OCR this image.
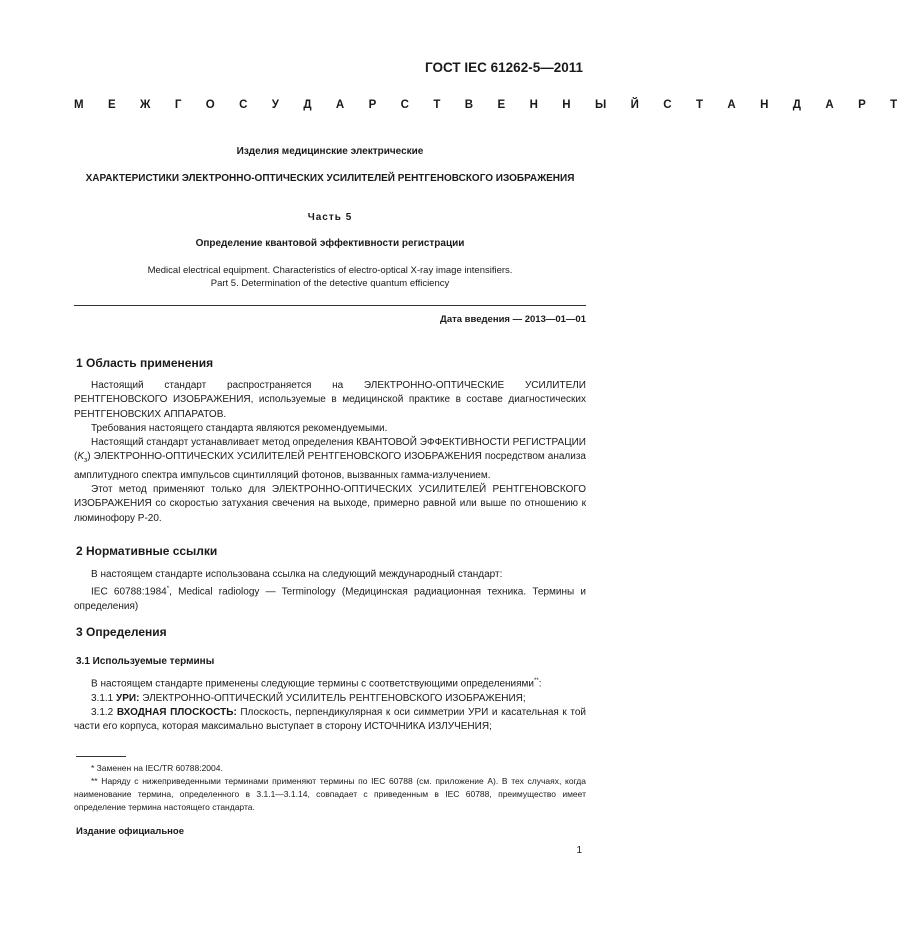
ГОСТ IEC 61262-5—2011
М Е Ж Г О С У Д А Р С Т В Е Н Н Ы Й С Т А Н Д А Р Т
Изделия медицинские электрические
ХАРАКТЕРИСТИКИ ЭЛЕКТРОННО-ОПТИЧЕСКИХ УСИЛИТЕЛЕЙ РЕНТГЕНОВСКОГО ИЗОБРАЖЕНИЯ
Часть 5
Определение квантовой эффективности регистрации
Medical electrical equipment. Characteristics of electro-optical X-ray image intensifiers.
Part 5. Determination of the detective quantum efficiency
Дата введения — 2013—01—01
1 Область применения

Настоящий стандарт распространяется на ЭЛЕКТРОННО-ОПТИЧЕСКИЕ УСИЛИТЕЛИ РЕНТГЕНОВСКОГО ИЗОБРАЖЕНИЯ, используемые в медицинской практике в составе диагностических РЕНТГЕНОВСКИХ АППАРАТОВ.

Требования настоящего стандарта являются рекомендуемыми.

Настоящий стандарт устанавливает метод определения КВАНТОВОЙ ЭФФЕКТИВНОСТИ РЕГИСТРАЦИИ $(K_з)$ ЭЛЕКТРОННО-ОПТИЧЕСКИХ УСИЛИТЕЛЕЙ РЕНТГЕНОВСКОГО ИЗОБРАЖЕНИЯ посредством анализа амплитудного спектра импульсов сцинтилляций фотонов, вызванных гамма-излучением.

Этот метод применяют только для ЭЛЕКТРОННО-ОПТИЧЕСКИХ УСИЛИТЕЛЕЙ РЕНТГЕНОВСКОГО ИЗОБРАЖЕНИЯ со скоростью затухания свечения на выходе, примерно равной или выше по отношению к люминофору Р-20.

2 Нормативные ссылки

В настоящем стандарте использована ссылка на следующий международный стандарт:

IEC 60788:1984*, Medical radiology — Terminology (Медицинская радиационная техника. Термины и определения)

3 Определения
3.1 Используемые термины

В настоящем стандарте применены следующие термины с соответствующими определениями**:

3.1.1 УРИ: ЭЛЕКТРОННО-ОПТИЧЕСКИЙ УСИЛИТЕЛЬ РЕНТГЕНОВСКОГО ИЗОБРАЖЕНИЯ;

3.1.2 ВХОДНАЯ ПЛОСКОСТЬ: Плоскость, перпендикулярная к оси симметрии УРИ и касательная к той части его корпуса, которая максимально выступает в сторону ИСТОЧНИКА ИЗЛУЧЕНИЯ;

* Заменен на IEC/TR 60788:2004.

** Наряду с нижеприведенными терминами применяют термины по IEC 60788 (см. приложение А). В тех случаях, когда наименование термина, определенного в 3.1.1—3.1.14, совпадает с приведенным в IEC 60788, преимущество имеет определение термина настоящего стандарта.

Издание официальное
1
